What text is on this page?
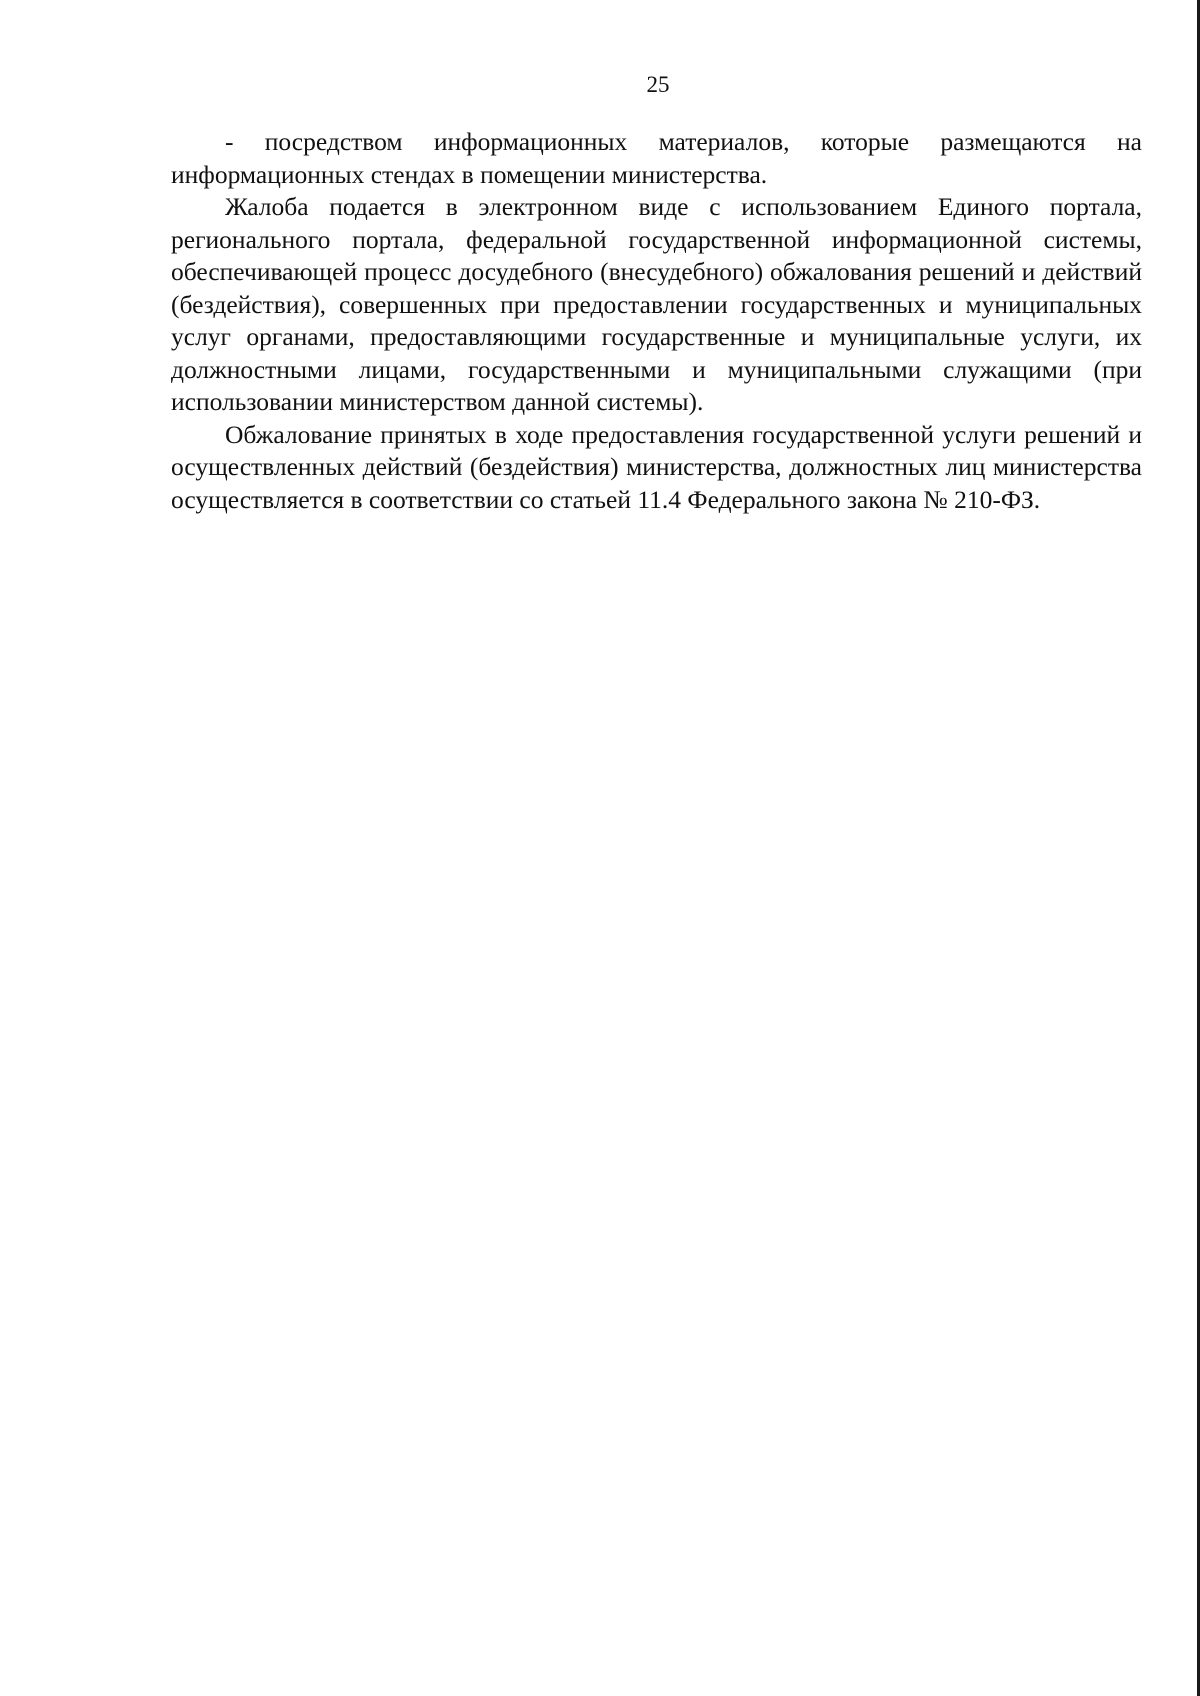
25

- посредством информационных материалов, которые размещаются на информационных стендах в помещении министерства.

Жалоба подается в электронном виде с использованием Единого портала, регионального портала, федеральной государственной информационной системы, обеспечивающей процесс досудебного (внесудебного) обжалования решений и действий (бездействия), совершенных при предоставлении государственных и муниципальных услуг органами, предоставляющими государственные и муниципальные услуги, их должностными лицами, государственными и муниципальными служащими (при использовании министерством данной системы).

Обжалование принятых в ходе предоставления государственной услуги решений и осуществленных действий (бездействия) министерства, должностных лиц министерства осуществляется в соответствии со статьей 11.4 Федерального закона № 210-ФЗ.
